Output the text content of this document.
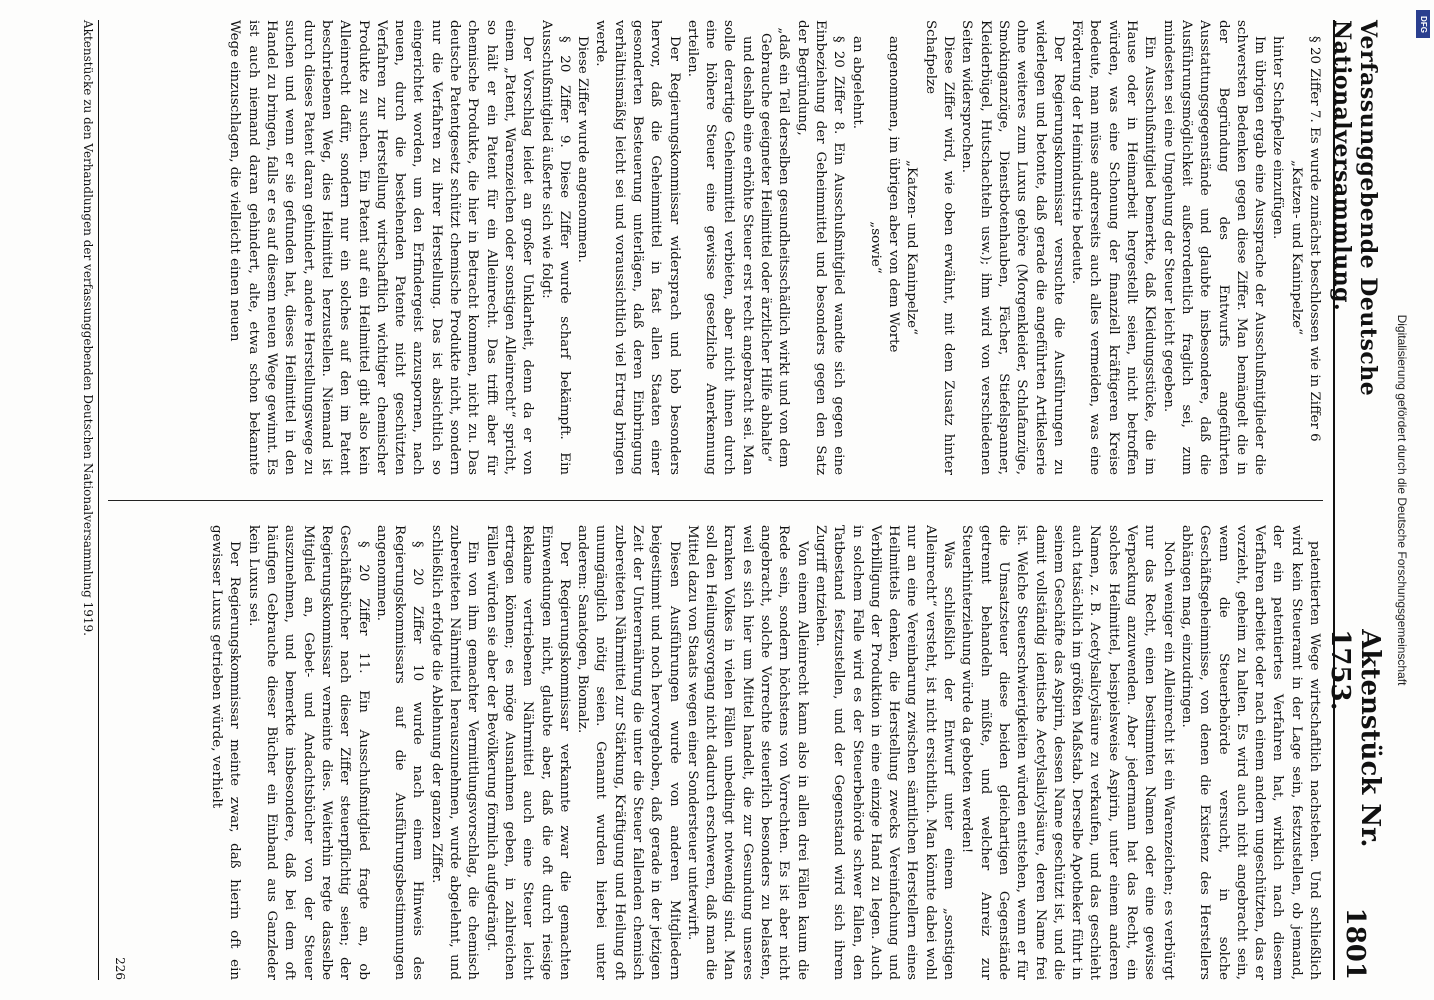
Verfassunggebende Deutsche Nationalversammlung.
Aktenstück Nr. 1753.
1801

§ 20 Ziffer 7. Es wurde zunächst beschlossen wie in Ziffer 6

„Katzen- und Kaninpelze“

hinter Schafpelze einzufügen.

Im übrigen ergab eine Aussprache der Ausschußmitglieder die schwersten Bedenken gegen diese Ziffer. Man bemängelt die in der Begründung des Entwurfs angeführten Ausstattungsgegenstände und glaubte insbesondere, daß die Ausführungsmöglichkeit außerordentlich fraglich sei, zum mindesten sei eine Umgehung der Steuer leicht gegeben.

Ein Ausschußmitglied bemerkte, daß Kleidungsstücke, die im Hause oder in Heimarbeit hergestellt seien, nicht betroffen würden, was eine Schonung der finanziell kräftigeren Kreise bedeute, man müsse andrerseits auch alles vermeiden, was eine Förderung der Heimindustrie bedeute.

Der Regierungskommissar versuchte die Ausführungen zu widerlegen und betonte, daß gerade die angeführten Artikelserie ohne weiteres zum Luxus gehöre (Morgenkleider, Schlafanzüge, Smokinganzüge, Dienstbotenhauben, Fächer, Stiefelspanner, Kleiderbügel, Hutschachteln usw.); ihm wird von verschiedenen Seiten widersprochen.

Diese Ziffer wird, wie oben erwähnt, mit dem Zusatz hinter Schafpelze

„Katzen- und Kaninpelze“

angenommen, im übrigen aber von dem Worte

„sowie“

an abgelehnt.

§ 20 Ziffer 8. Ein Ausschußmitglied wandte sich gegen eine Einbeziehung der Geheimmittel und besonders gegen den Satz der Begründung,

„daß ein Teil derselben gesundheitsschädlich wirkt und von dem Gebrauche geeigneter Heilmittel oder ärztlicher Hilfe abhalte“

und deshalb eine erhöhte Steuer erst recht angebracht sei. Man solle derartige Geheimmittel verbieten, aber nicht ihnen durch eine höhere Steuer eine gewisse gesetzliche Anerkennung erteilen.

Der Regierungskommissar widersprach und hob besonders hervor, daß die Geheimmittel in fast allen Staaten einer gesonderten Besteuerung unterlägen, daß deren Einbringung verhältnismäßig leicht sei und voraussichtlich viel Ertrag bringen werde.

Diese Ziffer wurde angenommen.

§ 20 Ziffer 9. Diese Ziffer wurde scharf bekämpft. Ein Ausschußmitglied äußerte sich wie folgt:

Der Vorschlag leidet an großer Unklarheit, denn da er von einem „Patent, Warenzeichen oder sonstigen Alleinrecht“ spricht, so hält er ein Patent für ein Alleinrecht. Das trifft aber für chemische Produkte, die hier in Betracht kommen, nicht zu. Das deutsche Patentgesetz schützt chemische Produkte nicht, sondern nur die Verfahren zu ihrer Herstellung. Das ist absichtlich so eingerichtet worden, um den Erfindergeist anzuspornen, nach neuen, durch die bestehenden Patente nicht geschützten Verfahren zur Herstellung wirtschaftlich wichtiger chemischer Produkte zu suchen. Ein Patent auf ein Heilmittel gibt also kein Alleinrecht dafür, sondern nur ein solches auf den im Patent beschriebenen Weg, dies Heilmittel herzustellen. Niemand ist durch dieses Patent daran gehindert, andere Herstellungswege zu suchen und wenn er sie gefunden hat, dieses Heilmittel in den Handel zu bringen, falls er es auf diesem neuen Wege gewinnt. Es ist auch niemand daran gehindert, alte, etwa schon bekannte Wege einzuschlagen, die vielleicht einen neuen

patentierten Wege wirtschaftlich nachstehen. Und schließlich wird kein Steueramt in der Lage sein, festzustellen, ob jemand, der ein patentiertes Verfahren hat, wirklich nach diesem Verfahren arbeitet oder nach einem andern ungeschützten, das er vorzieht, geheim zu halten. Es wird auch nicht angebracht sein, wenn die Steuerbehörde versucht, in solche Geschäftsgeheimnisse, von denen die Existenz des Herstellers abhängen mag, einzudringen.

Noch weniger ein Alleinrecht ist ein Warenzeichen; es verbürgt nur das Recht, einen bestimmten Namen oder eine gewisse Verpackung anzuwenden. Aber jedermann hat das Recht, ein solches Heilmittel, beispielsweise Aspirin, unter einem anderen Namen, z. B. Acetylsalicylsäure zu verkaufen, und das geschieht auch tatsächlich im größten Maßstab. Derselbe Apotheker führt in seinem Geschäfte das Aspirin, dessen Name geschützt ist, und die damit vollständig identische Acetylsalicylsäure, deren Name frei ist. Welche Steuerschwierigkeiten würden entstehen, wenn er für die Umsatzsteuer diese beiden gleichartigen Gegenstände getrennt behandeln müßte, und welcher Anreiz zur Steuerhinterziehung würde da geboten werden!

Was schließlich der Entwurf unter einem „sonstigen Alleinrecht“ versteht, ist nicht ersichtlich. Man könnte dabei wohl nur an eine Vereinbarung zwischen sämtlichen Herstellern eines Heilmittels denken, die Herstellung zwecks Vereinfachung und Verbilligung der Produktion in eine einzige Hand zu legen. Auch in solchem Falle wird es der Steuerbehörde schwer fallen, den Tatbestand festzustellen, und der Gegenstand wird sich ihrem Zugriff entziehen.

Von einem Alleinrecht kann also in allen drei Fällen kaum die Rede sein, sondern höchstens von Vorrechten. Es ist aber nicht angebracht, solche Vorrechte steuerlich besonders zu belasten, weil es sich hier um Mittel handelt, die zur Gesundung unseres kranken Volkes in vielen Fällen unbedingt notwendig sind. Man soll den Heilungsvorgang nicht dadurch erschweren, daß man die Mittel dazu von Staats wegen einer Sondersteuer unterwirft.

Diesen Ausführungen wurde von anderen Mitgliedern beigestimmt und noch hervorgehoben, daß gerade in der jetzigen Zeit der Unterernährung die unter die Steuer fallenden chemisch zubereiteten Nährmittel zur Stärkung, Kräftigung und Heilung oft unumgänglich nötig seien. Genannt wurden hierbei unter anderem: Sanatogen, Biomalz.

Der Regierungskommissar verkannte zwar die gemachten Einwendungen nicht, glaubte aber, daß die oft durch riesige Reklame vertriebenen Nährmittel auch eine Steuer leicht ertragen können; es möge Ausnahmen geben, in zahlreichen Fällen würden sie aber der Bevölkerung förmlich aufgedrängt.

Ein von ihm gemachter Vermittlungsvorschlag, die chemisch zubereiteten Nährmittel herauszunehmen, wurde abgelehnt, und schließlich erfolgte die Ablehnung der ganzen Ziffer.

§ 20 Ziffer 10 wurde nach einem Hinweis des Regierungskommissars auf die Ausführungsbestimmungen angenommen.

§ 20 Ziffer 11. Ein Ausschußmitglied fragte an, ob Geschäftsbücher nach dieser Ziffer steuerpflichtig seien; der Regierungskommissar verneinte dies. Weiterhin regte dasselbe Mitglied an, Gebet- und Andachtsbücher von der Steuer auszunehmen, und bemerkte insbesondere, daß bei dem oft häufigen Gebrauche dieser Bücher ein Einband aus Ganzleder kein Luxus sei.

Der Regierungskommissar meinte zwar, daß hierin oft ein gewisser Luxus getrieben würde, verhielt

226
Aktenstücke zu den Verhandlungen der verfassunggebenden Deutschen Nationalversammlung 1919.	Digitalisierung gefördert durch die Deutsche Forschungsgemeinschaft
DFG
